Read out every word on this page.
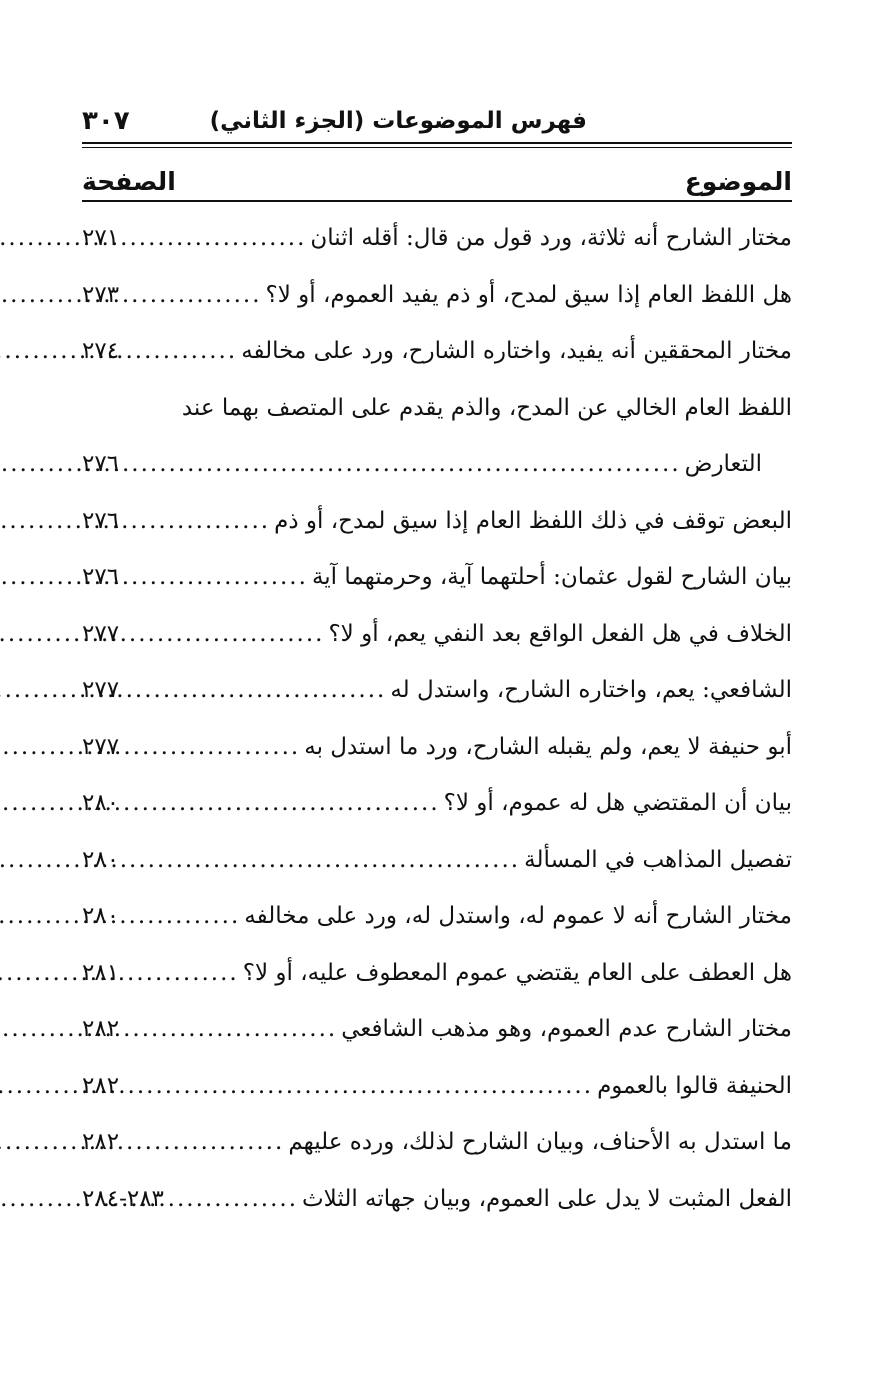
فهرس الموضوعات (الجزء الثاني)
٣٠٧
الموضوع
الصفحة
مختار الشارح أنه ثلاثة، ورد قول من قال: أقله اثنان
.....
٢٧١
هل اللفظ العام إذا سيق لمدح، أو ذم يفيد العموم، أو لا؟
.....
٢٧٣
مختار المحققين أنه يفيد، واختاره الشارح، ورد على مخالفه
.....
٢٧٤
اللفظ العام الخالي عن المدح، والذم يقدم على المتصف بهما عند
التعارض
.....
٢٧٦
البعض توقف في ذلك اللفظ العام إذا سيق لمدح، أو ذم
.....
٢٧٦
بيان الشارح لقول عثمان: أحلتهما آية، وحرمتهما آية
.....
٢٧٦
الخلاف في هل الفعل الواقع بعد النفي يعم، أو لا؟
.....
٢٧٧
الشافعي: يعم، واختاره الشارح، واستدل له
.....
٢٧٧
أبو حنيفة لا يعم، ولم يقبله الشارح، ورد ما استدل به
.....
٢٧٧
بيان أن المقتضي هل له عموم، أو لا؟
.....
٢٨٠
تفصيل المذاهب في المسألة
.....
٢٨٠
مختار الشارح أنه لا عموم له، واستدل له، ورد على مخالفه
.....
٢٨٠
هل العطف على العام يقتضي عموم المعطوف عليه، أو لا؟
.....
٢٨١
مختار الشارح عدم العموم، وهو مذهب الشافعي
.....
٢٨٢
الحنيفة قالوا بالعموم
.....
٢٨٢
ما استدل به الأحناف، وبيان الشارح لذلك، ورده عليهم
.....
٢٨٢
الفعل المثبت لا يدل على العموم، وبيان جهاته الثلاث
.....
٢٨٣-٢٨٤
